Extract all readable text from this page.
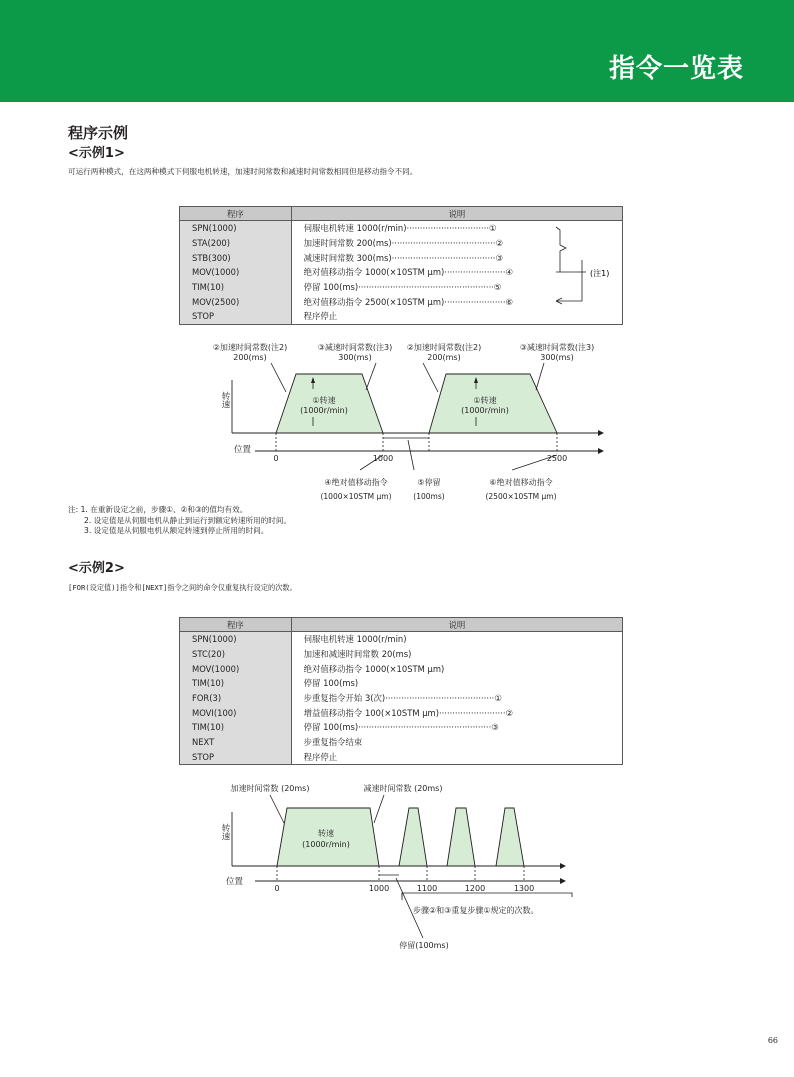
指令一览表
程序示例
<示例1>
可运行两种模式，在这两种模式下伺服电机转速，加速时间常数和减速时间常数相同但是移动指令不同。
程序	说明
SPN(1000)	伺服电机转速 1000(r/min)·······························①
STA(200)	加速时间常数 200(ms)·······································②
STB(300)	减速时间常数 300(ms)·······································③
MOV(1000)	绝对值移动指令 1000(×10STM μm)·······················④
TIM(10)	停留 100(ms)···················································⑤
MOV(2500)	绝对值移动指令 2500(×10STM μm)·······················⑥
STOP	程序停止
程序	说明
SPN(1000)	伺服电机转速 1000(r/min)
STC(20)	加速和减速时间常数 20(ms)
MOV(1000)	绝对值移动指令 1000(×10STM μm)
TIM(10)	停留 100(ms)
FOR(3)	步重复指令开始 3(次)·········································①
MOVI(100)	增益值移动指令 100(×10STM μm)·························②
TIM(10)	停留 100(ms)··················································③
NEXT	步重复指令结束
STOP	程序停止
(注1)
②加速时间常数(注2)
200(ms)
③减速时间常数(注3)
300(ms)
②加速时间常数(注2)
200(ms)
③减速时间常数(注3)
300(ms)
转速	①转速
(1000r/min)
①转速
(1000r/min)
位置
0	1000	2500
④绝对值移动指令
(1000×10STM μm)
⑤停留
(100ms)
⑥绝对值移动指令
(2500×10STM μm)
加速时间常数 (20ms)	减速时间常数 (20ms)
转速	转速
(1000r/min)
位置
0	1000	1100	1200	1300
步骤②和③重复步骤①规定的次数。
停留(100ms)
注: 1. 在重新设定之前，步骤①、②和③的值均有效。
2. 设定值是从伺服电机从静止到运行到额定转速所用的时间。
3. 设定值是从伺服电机从额定转速到停止所用的时间。
<示例2>
[FOR(设定值)]指令和[NEXT]指令之间的命令仅重复执行设定的次数。
66
